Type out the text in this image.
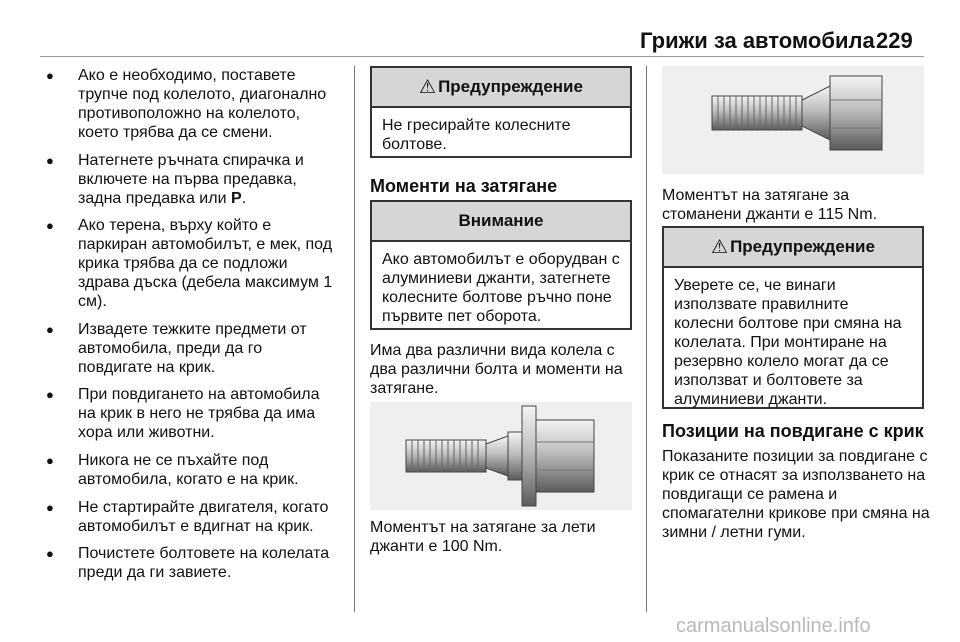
Грижи за автомобила 229
● Ако е необходимо, поставете трупче под колелото, диагонално противоположно на колелото, което трябва да се смени.
● Натегнете ръчната спирачка и включете на първа предавка, задна предавка или P.
● Ако терена, върху който е паркиран автомобилът, е мек, под крика трябва да се подложи здрава дъска (дебела максимум 1 см).
● Извадете тежките предмети от автомобила, преди да го повдигате на крик.
● При повдигането на автомобила на крик в него не трябва да има хора или животни.
● Никога не се пъхайте под автомобила, когато е на крик.
● Не стартирайте двигателя, когато автомобилът е вдигнат на крик.
● Почистете болтовете на колелата преди да ги завиете.
⚠ Предупреждение
Не гресирайте колесните болтове.
Моменти на затягане
Внимание
Ако автомобилът е оборудван с алуминиеви джанти, затегнете колесните болтове ръчно поне първите пет оборота.
Има два различни вида колела с два различни болта и моменти на затягане.
Моментът на затягане за лети джанти е 100 Nm.
Моментът на затягане за стоманени джанти е 115 Nm.
⚠ Предупреждение
Уверете се, че винаги използвате правилните колесни болтове при смяна на колелата. При монтиране на резервно колело могат да се използват и болтовете за алуминиеви джанти.
Позиции на повдигане с крик
Показаните позиции за повдигане с крик се отнасят за използването на повдигащи се рамена и спомагателни крикове при смяна на зимни / летни гуми.
carmanualsonline.info
